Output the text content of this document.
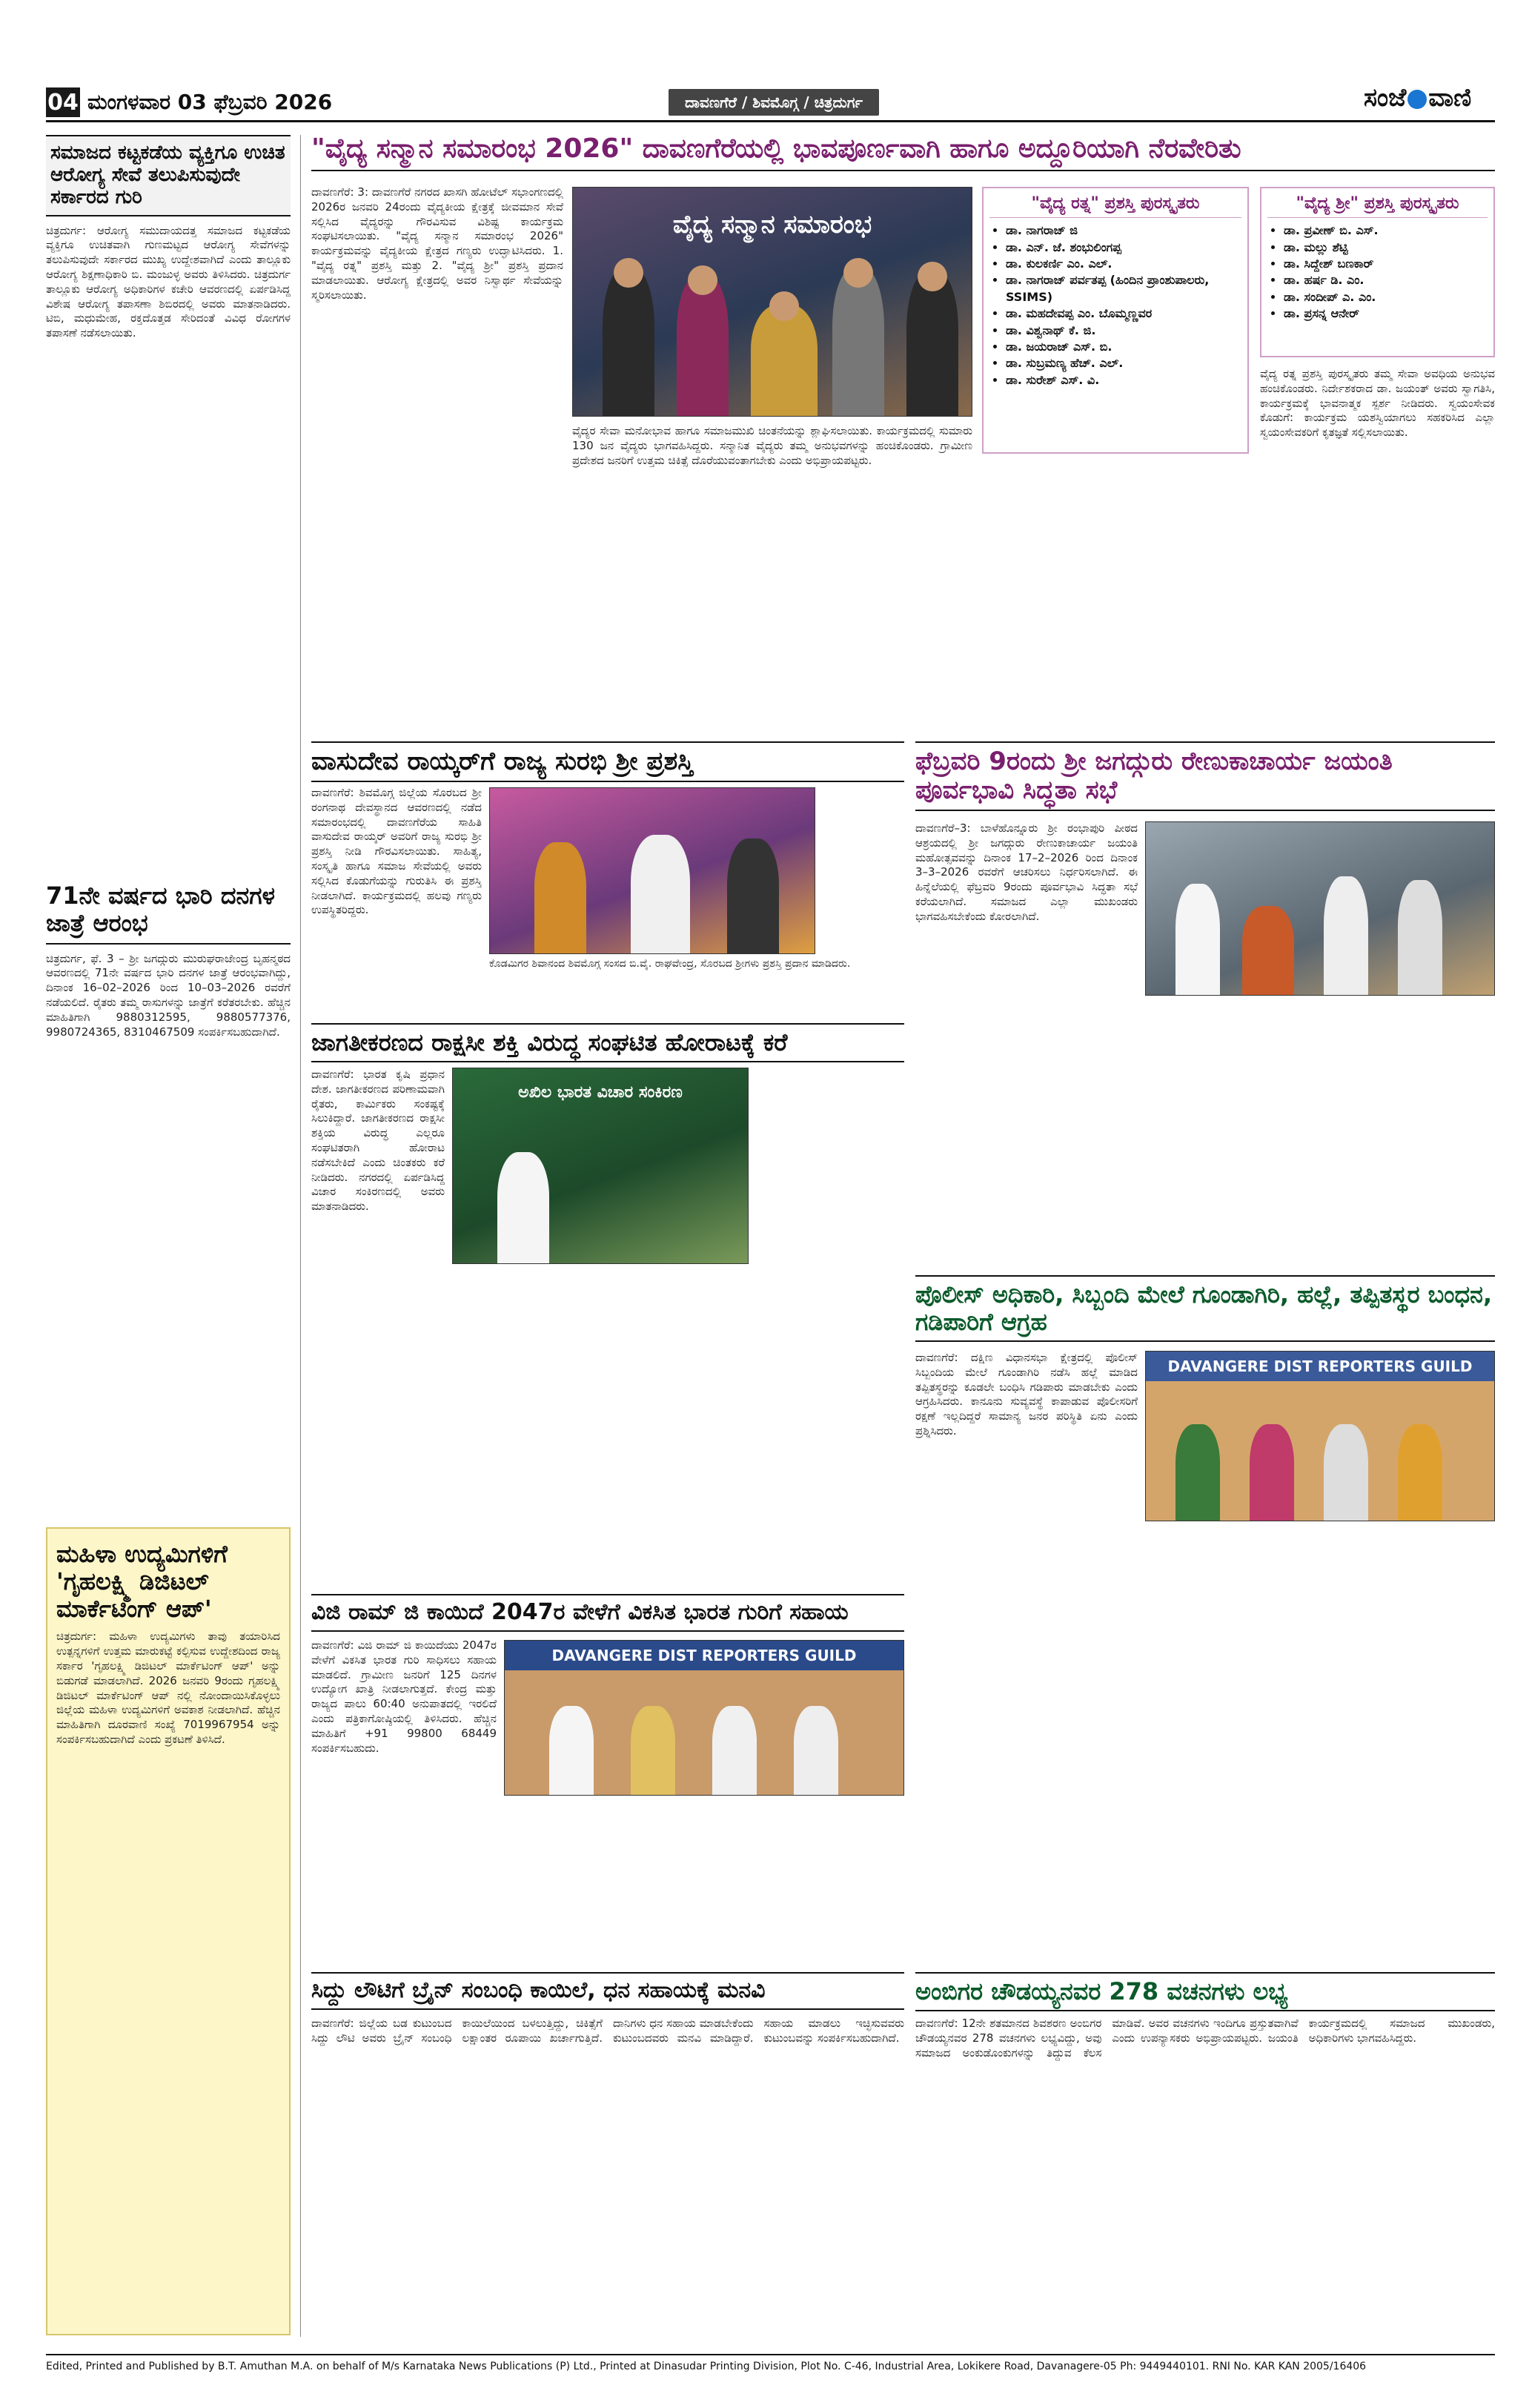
04 ಮಂಗಳವಾರ 03 ಫೆಬ್ರವರಿ 2026	ದಾವಣಗೆರೆ / ಶಿವಮೊಗ್ಗ / ಚಿತ್ರದುರ್ಗ	ಸಂಜೆ ವಾಣಿ
ಸಮಾಜದ ಕಟ್ಟಕಡೆಯ ವ್ಯಕ್ತಿಗೂ ಉಚಿತ ಆರೋಗ್ಯ ಸೇವೆ ತಲುಪಿಸುವುದೇ ಸರ್ಕಾರದ ಗುರಿ
ಚಿತ್ರದುರ್ಗ: ಆರೋಗ್ಯ ಸಮುದಾಯದತ್ತ ಸಮಾಜದ ಕಟ್ಟಕಡೆಯ ವ್ಯಕ್ತಿಗೂ ಉಚಿತವಾಗಿ ಗುಣಮಟ್ಟದ ಆರೋಗ್ಯ ಸೇವೆಗಳನ್ನು ತಲುಪಿಸುವುದೇ ಸರ್ಕಾರದ ಮುಖ್ಯ ಉದ್ದೇಶವಾಗಿದೆ ಎಂದು ತಾಲ್ಲೂಕು ಆರೋಗ್ಯ ಶಿಕ್ಷಣಾಧಿಕಾರಿ ಬಿ. ಮಂಜುಳ್ಳ ಅವರು ತಿಳಿಸಿದರು. ಚಿತ್ರದುರ್ಗ ತಾಲ್ಲೂಕು ಆರೋಗ್ಯ ಅಧಿಕಾರಿಗಳ ಕಚೇರಿ ಆವರಣದಲ್ಲಿ ಏರ್ಪಡಿಸಿದ್ದ ವಿಶೇಷ ಆರೋಗ್ಯ ತಪಾಸಣಾ ಶಿಬಿರದಲ್ಲಿ ಅವರು ಮಾತನಾಡಿದರು. ಟಿಬಿ, ಮಧುಮೇಹ, ರಕ್ತದೊತ್ತಡ ಸೇರಿದಂತೆ ವಿವಿಧ ರೋಗಗಳ ತಪಾಸಣೆ ನಡೆಸಲಾಯಿತು.
71ನೇ ವರ್ಷದ ಭಾರಿ ದನಗಳ ಜಾತ್ರೆ ಆರಂಭ
ಚಿತ್ರದುರ್ಗ, ಫೆ. 3 – ಶ್ರೀ ಜಗದ್ಗುರು ಮುರುಘರಾಜೇಂದ್ರ ಬೃಹನ್ಮಠದ ಆವರಣದಲ್ಲಿ 71ನೇ ವರ್ಷದ ಭಾರಿ ದನಗಳ ಜಾತ್ರೆ ಆರಂಭವಾಗಿದ್ದು, ದಿನಾಂಕ 16–02–2026 ರಿಂದ 10–03–2026 ರವರೆಗೆ ನಡೆಯಲಿದೆ. ರೈತರು ತಮ್ಮ ರಾಸುಗಳನ್ನು ಜಾತ್ರೆಗೆ ಕರೆತರಬೇಕು. ಹೆಚ್ಚಿನ ಮಾಹಿತಿಗಾಗಿ 9880312595, 9880577376, 9980724365, 8310467509 ಸಂಪರ್ಕಿಸಬಹುದಾಗಿದೆ.
ಮಹಿಳಾ ಉದ್ಯಮಿಗಳಿಗೆ 'ಗೃಹಲಕ್ಷ್ಮಿ ಡಿಜಿಟಲ್ ಮಾರ್ಕೆಟಿಂಗ್ ಆಪ್'
ಚಿತ್ರದುರ್ಗ: ಮಹಿಳಾ ಉದ್ಯಮಿಗಳು ತಾವು ತಯಾರಿಸಿದ ಉತ್ಪನ್ನಗಳಿಗೆ ಉತ್ತಮ ಮಾರುಕಟ್ಟೆ ಕಲ್ಪಿಸುವ ಉದ್ದೇಶದಿಂದ ರಾಜ್ಯ ಸರ್ಕಾರ 'ಗೃಹಲಕ್ಷ್ಮಿ ಡಿಜಿಟಲ್ ಮಾರ್ಕೆಟಿಂಗ್ ಆಪ್' ಅನ್ನು ಬಿಡುಗಡೆ ಮಾಡಲಾಗಿದೆ. 2026 ಜನವರಿ 9ರಂದು ಗೃಹಲಕ್ಷ್ಮಿ ಡಿಜಿಟಲ್ ಮಾರ್ಕೆಟಿಂಗ್ ಆಪ್ ನಲ್ಲಿ ನೋಂದಾಯಿಸಿಕೊಳ್ಳಲು ಜಿಲ್ಲೆಯ ಮಹಿಳಾ ಉದ್ಯಮಿಗಳಿಗೆ ಅವಕಾಶ ನೀಡಲಾಗಿದೆ. ಹೆಚ್ಚಿನ ಮಾಹಿತಿಗಾಗಿ ದೂರವಾಣಿ ಸಂಖ್ಯೆ 7019967954 ಅನ್ನು ಸಂಪರ್ಕಿಸಬಹುದಾಗಿದೆ ಎಂದು ಪ್ರಕಟಣೆ ತಿಳಿಸಿದೆ.
"ವೈದ್ಯ ಸನ್ಮಾನ ಸಮಾರಂಭ 2026" ದಾವಣಗೆರೆಯಲ್ಲಿ ಭಾವಪೂರ್ಣವಾಗಿ ಹಾಗೂ ಅದ್ದೂರಿಯಾಗಿ ನೆರವೇರಿತು
ದಾವಣಗೆರೆ: 3: ದಾವಣಗೆರೆ ನಗರದ ಖಾಸಗಿ ಹೋಟೆಲ್ ಸಭಾಂಗಣದಲ್ಲಿ 2026ರ ಜನವರಿ 24ರಂದು ವೈದ್ಯಕೀಯ ಕ್ಷೇತ್ರಕ್ಕೆ ಜೀವಮಾನ ಸೇವೆ ಸಲ್ಲಿಸಿದ ವೈದ್ಯರನ್ನು ಗೌರವಿಸುವ ವಿಶಿಷ್ಟ ಕಾರ್ಯಕ್ರಮ ಸಂಘಟಿಸಲಾಯಿತು. "ವೈದ್ಯ ಸನ್ಮಾನ ಸಮಾರಂಭ 2026" ಕಾರ್ಯಕ್ರಮವನ್ನು ವೈದ್ಯಕೀಯ ಕ್ಷೇತ್ರದ ಗಣ್ಯರು ಉದ್ಘಾಟಿಸಿದರು. 1. "ವೈದ್ಯ ರತ್ನ" ಪ್ರಶಸ್ತಿ ಮತ್ತು 2. "ವೈದ್ಯ ಶ್ರೀ" ಪ್ರಶಸ್ತಿ ಪ್ರದಾನ ಮಾಡಲಾಯಿತು. ಆರೋಗ್ಯ ಕ್ಷೇತ್ರದಲ್ಲಿ ಅವರ ನಿಸ್ವಾರ್ಥ ಸೇವೆಯನ್ನು ಸ್ಮರಿಸಲಾಯಿತು.
ವೈದ್ಯ ಸನ್ಮಾನ ಸಮಾರಂಭ
ವೈದ್ಯರ ಸೇವಾ ಮನೋಭಾವ ಹಾಗೂ ಸಮಾಜಮುಖಿ ಚಿಂತನೆಯನ್ನು ಶ್ಲಾಘಿಸಲಾಯಿತು. ಕಾರ್ಯಕ್ರಮದಲ್ಲಿ ಸುಮಾರು 130 ಜನ ವೈದ್ಯರು ಭಾಗವಹಿಸಿದ್ದರು. ಸನ್ಮಾನಿತ ವೈದ್ಯರು ತಮ್ಮ ಅನುಭವಗಳನ್ನು ಹಂಚಿಕೊಂಡರು. ಗ್ರಾಮೀಣ ಪ್ರದೇಶದ ಜನರಿಗೆ ಉತ್ತಮ ಚಿಕಿತ್ಸೆ ದೊರೆಯುವಂತಾಗಬೇಕು ಎಂದು ಅಭಿಪ್ರಾಯಪಟ್ಟರು.
"ವೈದ್ಯ ರತ್ನ" ಪ್ರಶಸ್ತಿ ಪುರಸ್ಕೃತರು
• ಡಾ. ನಾಗರಾಜ್ ಜಿ
• ಡಾ. ಎನ್. ಜೆ. ಶಂಭುಲಿಂಗಪ್ಪ
• ಡಾ. ಕುಲಕರ್ಣಿ ಎಂ. ಎಲ್.
• ಡಾ. ನಾಗರಾಜ್ ಪರ್ವತಪ್ಪ (ಹಿಂದಿನ ಪ್ರಾಂಶುಪಾಲರು, SSIMS)
• ಡಾ. ಮಹದೇವಪ್ಪ ಎಂ. ಬೊಮ್ಮಣ್ಣವರ
• ಡಾ. ವಿಶ್ವನಾಥ್ ಕೆ. ಜಿ.
• ಡಾ. ಜಯರಾಜ್ ಎಸ್. ಬಿ.
• ಡಾ. ಸುಬ್ರಮಣ್ಯ ಹೆಚ್. ಎಲ್.
• ಡಾ. ಸುರೇಶ್ ಎಸ್. ವಿ.
"ವೈದ್ಯ ಶ್ರೀ" ಪ್ರಶಸ್ತಿ ಪುರಸ್ಕೃತರು
• ಡಾ. ಪ್ರವೀಣ್ ಬಿ. ಎಸ್.
• ಡಾ. ಮಲ್ಲು ಶೆಟ್ಟಿ
• ಡಾ. ಸಿದ್ದೇಶ್ ಬಣಕಾರ್
• ಡಾ. ಹರ್ಷ ಡಿ. ಎಂ.
• ಡಾ. ಸಂದೀಪ್ ಎ. ಎಂ.
• ಡಾ. ಪ್ರಸನ್ನ ಆನೇರ್
ವೈದ್ಯ ರತ್ನ ಪ್ರಶಸ್ತಿ ಪುರಸ್ಕೃತರು ತಮ್ಮ ಸೇವಾ ಅವಧಿಯ ಅನುಭವ ಹಂಚಿಕೊಂಡರು. ನಿರ್ದೇಶಕರಾದ ಡಾ. ಜಯಂತ್ ಅವರು ಸ್ವಾಗತಿಸಿ, ಕಾರ್ಯಕ್ರಮಕ್ಕೆ ಭಾವನಾತ್ಮಕ ಸ್ಪರ್ಶ ನೀಡಿದರು. ಸ್ವಯಂಸೇವಕ ಕೊಡುಗೆ: ಕಾರ್ಯಕ್ರಮ ಯಶಸ್ವಿಯಾಗಲು ಸಹಕರಿಸಿದ ಎಲ್ಲಾ ಸ್ವಯಂಸೇವಕರಿಗೆ ಕೃತಜ್ಞತೆ ಸಲ್ಲಿಸಲಾಯಿತು.
ವಾಸುದೇವ ರಾಯ್ಕರ್‌ಗೆ ರಾಜ್ಯ ಸುರಭಿ ಶ್ರೀ ಪ್ರಶಸ್ತಿ
ದಾವಣಗೆರೆ: ಶಿವಮೊಗ್ಗ ಜಿಲ್ಲೆಯ ಸೊರಬದ ಶ್ರೀ ರಂಗನಾಥ ದೇವಸ್ಥಾನದ ಆವರಣದಲ್ಲಿ ನಡೆದ ಸಮಾರಂಭದಲ್ಲಿ ದಾವಣಗೆರೆಯ ಸಾಹಿತಿ ವಾಸುದೇವ ರಾಯ್ಕರ್ ಅವರಿಗೆ ರಾಜ್ಯ ಸುರಭಿ ಶ್ರೀ ಪ್ರಶಸ್ತಿ ನೀಡಿ ಗೌರವಿಸಲಾಯಿತು. ಸಾಹಿತ್ಯ, ಸಂಸ್ಕೃತಿ ಹಾಗೂ ಸಮಾಜ ಸೇವೆಯಲ್ಲಿ ಅವರು ಸಲ್ಲಿಸಿದ ಕೊಡುಗೆಯನ್ನು ಗುರುತಿಸಿ ಈ ಪ್ರಶಸ್ತಿ ನೀಡಲಾಗಿದೆ. ಕಾರ್ಯಕ್ರಮದಲ್ಲಿ ಹಲವು ಗಣ್ಯರು ಉಪಸ್ಥಿತರಿದ್ದರು.
ಕೊಡಮಿಗರ ಶಿವಾನಂದ ಶಿವಮೊಗ್ಗ ಸಂಸದ ಬಿ.ವೈ. ರಾಘವೇಂದ್ರ, ಸೊರಬದ ಶ್ರೀಗಳು ಪ್ರಶಸ್ತಿ ಪ್ರದಾನ ಮಾಡಿದರು.
ಫೆಬ್ರವರಿ 9ರಂದು ಶ್ರೀ ಜಗದ್ಗುರು ರೇಣುಕಾಚಾರ್ಯ ಜಯಂತಿ ಪೂರ್ವಭಾವಿ ಸಿದ್ಧತಾ ಸಭೆ
ದಾವಣಗೆರೆ–3: ಬಾಳೆಹೊನ್ನೂರು ಶ್ರೀ ರಂಭಾಪುರಿ ಪೀಠದ ಆಶ್ರಯದಲ್ಲಿ ಶ್ರೀ ಜಗದ್ಗುರು ರೇಣುಕಾಚಾರ್ಯ ಜಯಂತಿ ಮಹೋತ್ಸವವನ್ನು ದಿನಾಂಕ 17–2–2026 ರಿಂದ ದಿನಾಂಕ 3–3–2026 ರವರೆಗೆ ಆಚರಿಸಲು ನಿರ್ಧರಿಸಲಾಗಿದೆ. ಈ ಹಿನ್ನೆಲೆಯಲ್ಲಿ ಫೆಬ್ರವರಿ 9ರಂದು ಪೂರ್ವಭಾವಿ ಸಿದ್ಧತಾ ಸಭೆ ಕರೆಯಲಾಗಿದೆ. ಸಮಾಜದ ಎಲ್ಲಾ ಮುಖಂಡರು ಭಾಗವಹಿಸಬೇಕೆಂದು ಕೋರಲಾಗಿದೆ.
ಜಾಗತೀಕರಣದ ರಾಕ್ಷಸೀ ಶಕ್ತಿ ವಿರುದ್ಧ ಸಂಘಟಿತ ಹೋರಾಟಕ್ಕೆ ಕರೆ
ದಾವಣಗೆರೆ: ಭಾರತ ಕೃಷಿ ಪ್ರಧಾನ ದೇಶ. ಜಾಗತೀಕರಣದ ಪರಿಣಾಮವಾಗಿ ರೈತರು, ಕಾರ್ಮಿಕರು ಸಂಕಷ್ಟಕ್ಕೆ ಸಿಲುಕಿದ್ದಾರೆ. ಜಾಗತೀಕರಣದ ರಾಕ್ಷಸೀ ಶಕ್ತಿಯ ವಿರುದ್ಧ ಎಲ್ಲರೂ ಸಂಘಟಿತರಾಗಿ ಹೋರಾಟ ನಡೆಸಬೇಕಿದೆ ಎಂದು ಚಿಂತಕರು ಕರೆ ನೀಡಿದರು. ನಗರದಲ್ಲಿ ಏರ್ಪಡಿಸಿದ್ದ ವಿಚಾರ ಸಂಕಿರಣದಲ್ಲಿ ಅವರು ಮಾತನಾಡಿದರು.
ಅಖಿಲ ಭಾರತ ವಿಚಾರ ಸಂಕಿರಣ
ಪೊಲೀಸ್ ಅಧಿಕಾರಿ, ಸಿಬ್ಬಂದಿ ಮೇಲೆ ಗೂಂಡಾಗಿರಿ, ಹಲ್ಲೆ, ತಪ್ಪಿತಸ್ಥರ ಬಂಧನ, ಗಡಿಪಾರಿಗೆ ಆಗ್ರಹ
ದಾವಣಗೆರೆ: ದಕ್ಷಿಣ ವಿಧಾನಸಭಾ ಕ್ಷೇತ್ರದಲ್ಲಿ ಪೊಲೀಸ್ ಸಿಬ್ಬಂದಿಯ ಮೇಲೆ ಗೂಂಡಾಗಿರಿ ನಡೆಸಿ ಹಲ್ಲೆ ಮಾಡಿದ ತಪ್ಪಿತಸ್ಥರನ್ನು ಕೂಡಲೇ ಬಂಧಿಸಿ ಗಡಿಪಾರು ಮಾಡಬೇಕು ಎಂದು ಆಗ್ರಹಿಸಿದರು. ಕಾನೂನು ಸುವ್ಯವಸ್ಥೆ ಕಾಪಾಡುವ ಪೊಲೀಸರಿಗೆ ರಕ್ಷಣೆ ಇಲ್ಲದಿದ್ದರೆ ಸಾಮಾನ್ಯ ಜನರ ಪರಿಸ್ಥಿತಿ ಏನು ಎಂದು ಪ್ರಶ್ನಿಸಿದರು.
DAVANGERE DIST REPORTERS GUILD
ವಿಜಿ ರಾಮ್ ಜಿ ಕಾಯಿದೆ 2047ರ ವೇಳೆಗೆ ವಿಕಸಿತ ಭಾರತ ಗುರಿಗೆ ಸಹಾಯ
ದಾವಣಗೆರೆ: ವಿಜಿ ರಾಮ್ ಜಿ ಕಾಯಿದೆಯು 2047ರ ವೇಳೆಗೆ ವಿಕಸಿತ ಭಾರತ ಗುರಿ ಸಾಧಿಸಲು ಸಹಾಯ ಮಾಡಲಿದೆ. ಗ್ರಾಮೀಣ ಜನರಿಗೆ 125 ದಿನಗಳ ಉದ್ಯೋಗ ಖಾತ್ರಿ ನೀಡಲಾಗುತ್ತದೆ. ಕೇಂದ್ರ ಮತ್ತು ರಾಜ್ಯದ ಪಾಲು 60:40 ಅನುಪಾತದಲ್ಲಿ ಇರಲಿದೆ ಎಂದು ಪತ್ರಿಕಾಗೋಷ್ಠಿಯಲ್ಲಿ ತಿಳಿಸಿದರು. ಹೆಚ್ಚಿನ ಮಾಹಿತಿಗೆ +91 99800 68449 ಸಂಪರ್ಕಿಸಬಹುದು.
DAVANGERE DIST REPORTERS GUILD
ಸಿದ್ದು ಲೌಟಿಗೆ ಬ್ರೈನ್ ಸಂಬಂಧಿ ಕಾಯಿಲೆ, ಧನ ಸಹಾಯಕ್ಕೆ ಮನವಿ
ದಾವಣಗೆರೆ: ಜಿಲ್ಲೆಯ ಬಡ ಕುಟುಂಬದ ಸಿದ್ದು ಲೌಟಿ ಅವರು ಬ್ರೈನ್ ಸಂಬಂಧಿ ಕಾಯಿಲೆಯಿಂದ ಬಳಲುತ್ತಿದ್ದು, ಚಿಕಿತ್ಸೆಗೆ ಲಕ್ಷಾಂತರ ರೂಪಾಯಿ ಖರ್ಚಾಗುತ್ತಿದೆ. ದಾನಿಗಳು ಧನ ಸಹಾಯ ಮಾಡಬೇಕೆಂದು ಕುಟುಂಬದವರು ಮನವಿ ಮಾಡಿದ್ದಾರೆ. ಸಹಾಯ ಮಾಡಲು ಇಚ್ಛಿಸುವವರು ಕುಟುಂಬವನ್ನು ಸಂಪರ್ಕಿಸಬಹುದಾಗಿದೆ.
ಅಂಬಿಗರ ಚೌಡಯ್ಯನವರ 278 ವಚನಗಳು ಲಭ್ಯ
ದಾವಣಗೆರೆ: 12ನೇ ಶತಮಾನದ ಶಿವಶರಣ ಅಂಬಿಗರ ಚೌಡಯ್ಯನವರ 278 ವಚನಗಳು ಲಭ್ಯವಿದ್ದು, ಅವು ಸಮಾಜದ ಅಂಕುಡೊಂಕುಗಳನ್ನು ತಿದ್ದುವ ಕೆಲಸ ಮಾಡಿವೆ. ಅವರ ವಚನಗಳು ಇಂದಿಗೂ ಪ್ರಸ್ತುತವಾಗಿವೆ ಎಂದು ಉಪನ್ಯಾಸಕರು ಅಭಿಪ್ರಾಯಪಟ್ಟರು. ಜಯಂತಿ ಕಾರ್ಯಕ್ರಮದಲ್ಲಿ ಸಮಾಜದ ಮುಖಂಡರು, ಅಧಿಕಾರಿಗಳು ಭಾಗವಹಿಸಿದ್ದರು.
Edited, Printed and Published by B.T. Amuthan M.A. on behalf of M/s Karnataka News Publications (P) Ltd., Printed at Dinasudar Printing Division, Plot No. C-46, Industrial Area, Lokikere Road, Davanagere-05 Ph: 9449440101. RNI No. KAR KAN 2005/16406
